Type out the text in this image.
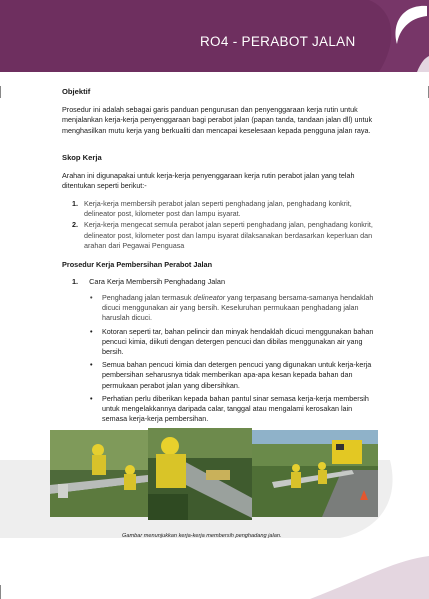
RO4 - PERABOT JALAN

Objektif

Prosedur ini adalah sebagai garis panduan pengurusan dan penyenggaraan kerja rutin untuk menjalankan kerja-kerja penyenggaraan bagi perabot jalan (papan tanda, tandaan jalan dll) untuk menghasilkan mutu kerja yang berkualiti dan mencapai keselesaan kepada pengguna jalan raya.

Skop Kerja

Arahan ini digunapakai untuk kerja-kerja penyenggaraan kerja rutin perabot jalan yang telah ditentukan seperti berikut:-

1. Kerja-kerja membersih perabot jalan seperti penghadang jalan, penghadang konkrit, delineator post, kilometer post dan lampu isyarat.
2. Kerja-kerja mengecat semula perabot jalan seperti penghadang jalan, penghadang konkrit, delineator post, kilometer post dan lampu isyarat dilaksanakan berdasarkan keperluan dan arahan dari Pegawai Penguasa

Prosedur Kerja Pembersihan Perabot Jalan

1. Cara Kerja Membersih Penghadang Jalan

• Penghadang jalan termasuk delineator yang terpasang bersama-samanya hendaklah dicuci menggunakan air yang bersih. Keseluruhan permukaan penghadang jalan haruslah dicuci.
• Kotoran seperti tar, bahan pelincir dan minyak hendaklah dicuci menggunakan bahan pencuci kimia, diikuti dengan detergen pencuci dan dibilas menggunakan air yang bersih.
• Semua bahan pencuci kimia dan detergen pencuci yang digunakan untuk kerja-kerja pembersihan seharusnya tidak memberikan apa-apa kesan kepada bahan dan permukaan perabot jalan yang dibersihkan.
• Perhatian perlu diberikan kepada bahan pantul sinar semasa kerja-kerja membersih untuk mengelakkannya daripada calar, tanggal atau mengalami kerosakan lain semasa kerja-kerja pembersihan.
Gambar menunjukkan kerja-kerja membersih penghadang jalan.
